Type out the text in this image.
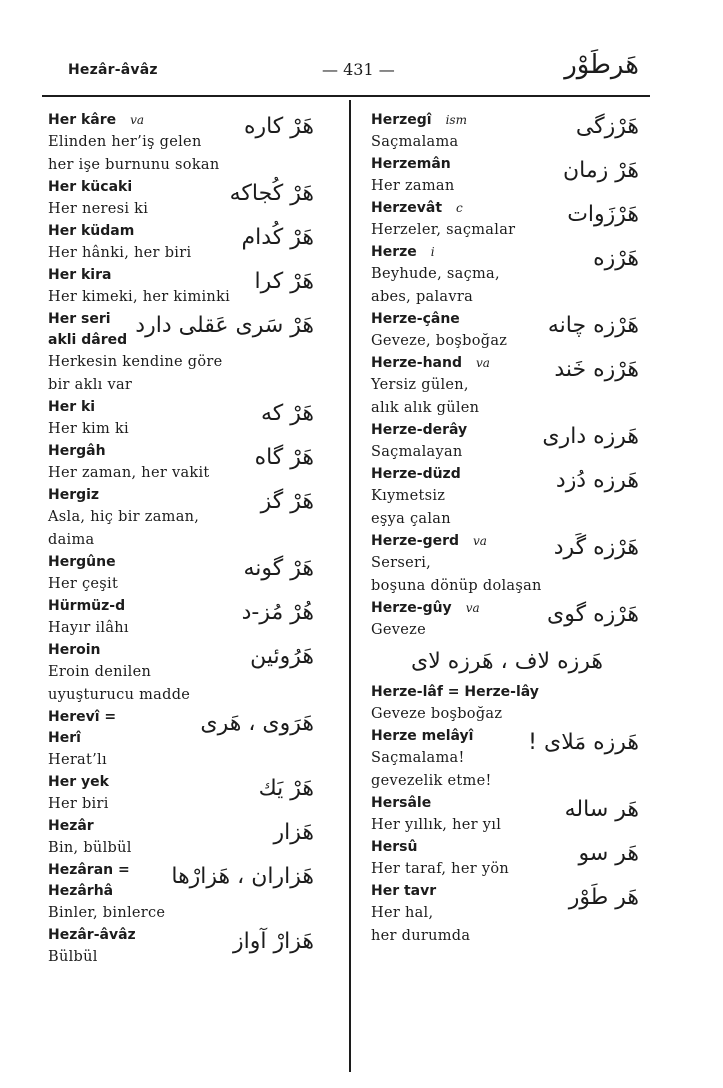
Hezâr-âvâz	— 431 —	هَرطَوْر
Her kâre va
Elinden her’iş gelen
her işe burnunu sokan
هَرْ كاره
Her kücaki
Her neresi ki
هَرْ كُجاكه
Her küdam
Her hânki, her biri
هَرْ كُدام
Her kira
Her kimeki, her kiminki
هَرْ كرا
Her seri
akli dâred
Herkesin kendine göre
bir aklı var
هَرْ سَرى عَقلى دارد
Her ki
Her kim ki
هَرْ كه
Hergâh
Her zaman, her vakit
هَرْ گاه
Hergiz
Asla, hiç bir zaman,
daima
هَرْ گز
Hergûne
Her çeşit
هَرْ گونه
Hürmüz-d
Hayır ilâhı
هُرْ مُز-د
Heroin
Eroin denilen
uyuşturucu madde
هَرُوئين
Herevî =
Herî
Herat’lı
هَرَوى ، هَرى
Her yek
Her biri
هَرْ يَك
Hezâr
Bin, bülbül
هَزار
Hezâran =
Hezârhâ
Binler, binlerce
هَزاران ، هَزارْها
Hezâr-âvâz
Bülbül
هَزارْ آواز
Herzegî ism
Saçmalama
هَرْزگى
Herzemân
Her zaman
هَرْ زمان
Herzevât c
Herzeler, saçmalar
هَرْزَوات
Herze i
Beyhude, saçma,
abes, palavra
هَرْزه
Herze-çâne
Geveze, boşboğaz
هَرْزه چانه
Herze-hand va
Yersiz gülen,
alık alık gülen
هَرْزه خَند
Herze-derây
Saçmalayan
هَرزه داری
Herze-düzd
Kıymetsiz
eşya çalan
هَرزه دُزد
Herze-gerd va
Serseri,
boşuna dönüp dolaşan
هَرْزه گَرد
Herze-gûy va
Geveze
هَرْزه گوی
هَرزه لاف ، هَرزه لاى
Herze-lâf = Herze-lây
Geveze boşboğaz
Herze melâyî
Saçmalama!
gevezelik etme!
هَرزه مَلاى !
Hersâle
Her yıllık, her yıl
هَر ساله
Hersû
Her taraf, her yön
هَر سو
Her tavr
Her hal,
her durumda
هَر طَوْر
